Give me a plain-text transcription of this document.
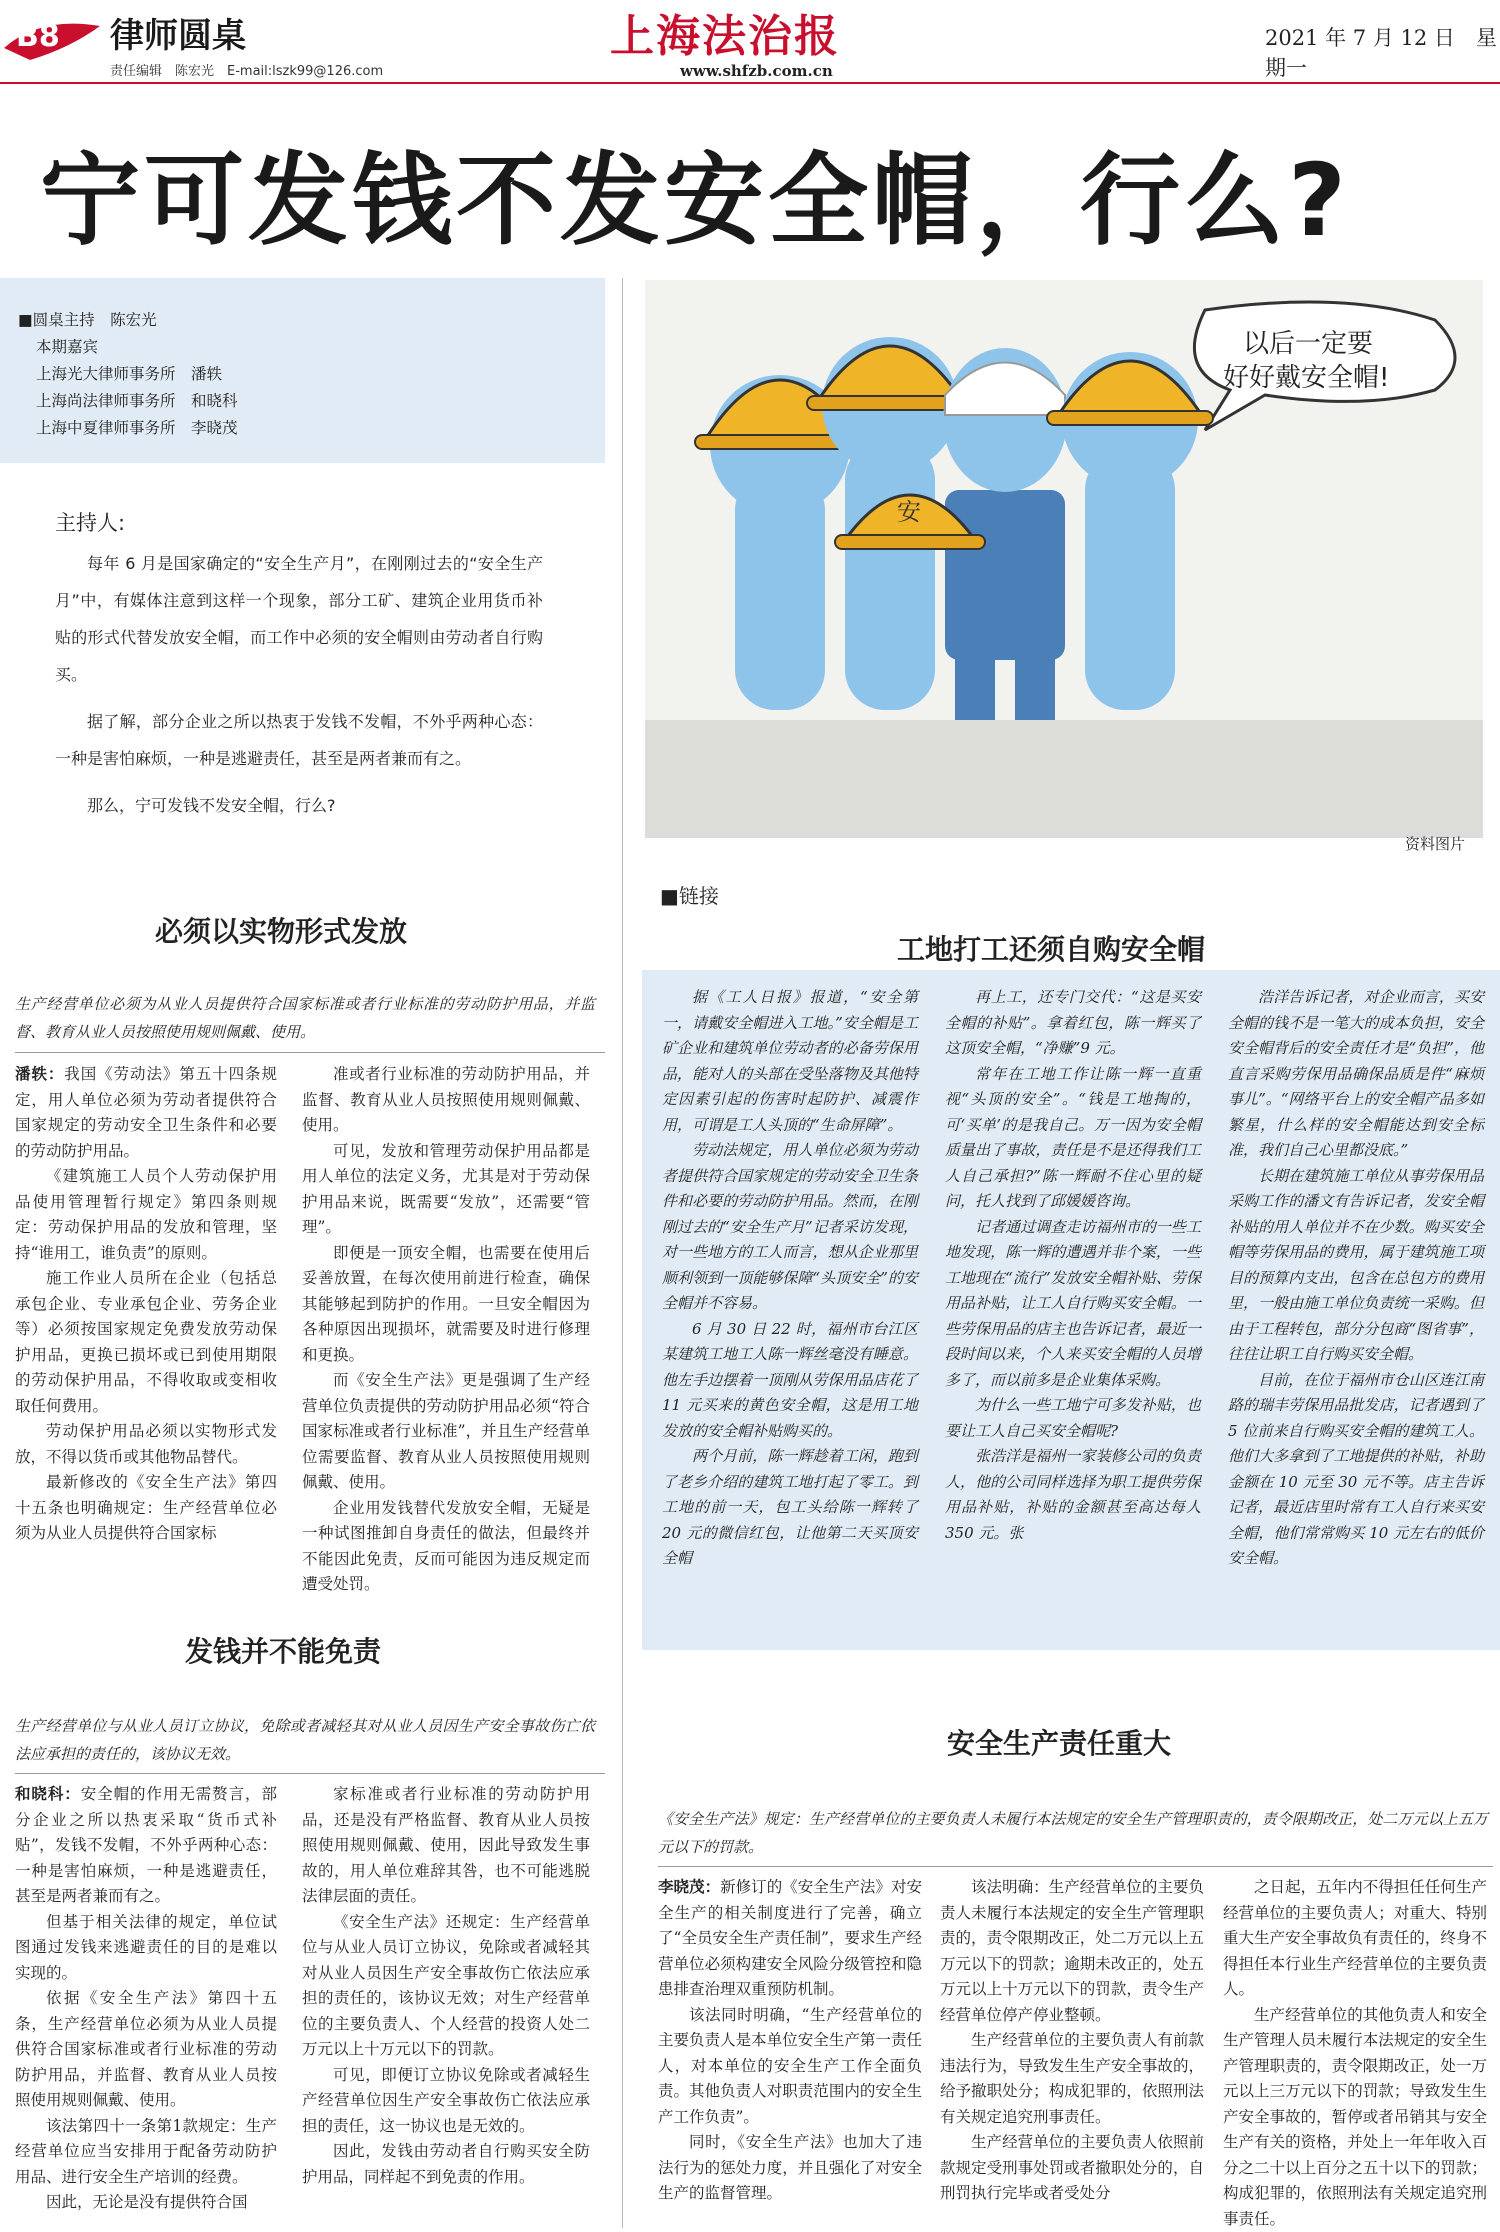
B8 律师圆桌
责任编辑　陈宏光　E-mail:lszk99@126.com
上海法治报
www.shfzb.com.cn
2021 年 7 月 12 日　星期一
宁可发钱不发安全帽，行么?
■圆桌主持　陈宏光
本期嘉宾
上海光大律师事务所　潘轶
上海尚法律师事务所　和晓科
上海中夏律师事务所　李晓茂
主持人:

每年 6 月是国家确定的“安全生产月”，在刚刚过去的“安全生产月”中，有媒体注意到这样一个现象，部分工矿、建筑企业用货币补贴的形式代替发放安全帽，而工作中必须的安全帽则由劳动者自行购买。

据了解，部分企业之所以热衷于发钱不发帽，不外乎两种心态：一种是害怕麻烦，一种是逃避责任，甚至是两者兼而有之。

那么，宁可发钱不发安全帽，行么?

以后一定要
好好戴安全帽!
安
资料图片
■链接
工地打工还须自购安全帽

据《工人日报》报道，“安全第一，请戴安全帽进入工地。”安全帽是工矿企业和建筑单位劳动者的必备劳保用品，能对人的头部在受坠落物及其他特定因素引起的伤害时起防护、减震作用，可谓是工人头顶的“生命屏障”。

劳动法规定，用人单位必须为劳动者提供符合国家规定的劳动安全卫生条件和必要的劳动防护用品。然而，在刚刚过去的“安全生产月”记者采访发现，对一些地方的工人而言，想从企业那里顺利领到一顶能够保障“头顶安全”的安全帽并不容易。

6 月 30 日 22 时，福州市台江区某建筑工地工人陈一辉丝毫没有睡意。他左手边摆着一顶刚从劳保用品店花了 11 元买来的黄色安全帽，这是用工地发放的安全帽补贴购买的。

两个月前，陈一辉趁着工闲，跑到了老乡介绍的建筑工地打起了零工。到工地的前一天，包工头给陈一辉转了 20 元的微信红包，让他第二天买顶安全帽

再上工，还专门交代：“这是买安全帽的补贴”。拿着红包，陈一辉买了这顶安全帽，“净赚”9 元。

常年在工地工作让陈一辉一直重视“头顶的安全”。“钱是工地掏的，可‘买单’的是我自己。万一因为安全帽质量出了事故，责任是不是还得我们工人自己承担?”陈一辉耐不住心里的疑问，托人找到了邱媛媛咨询。

记者通过调查走访福州市的一些工地发现，陈一辉的遭遇并非个案，一些工地现在“流行”发放安全帽补贴、劳保用品补贴，让工人自行购买安全帽。一些劳保用品的店主也告诉记者，最近一段时间以来，个人来买安全帽的人员增多了，而以前多是企业集体采购。

为什么一些工地宁可多发补贴，也要让工人自己买安全帽呢?

张浩洋是福州一家装修公司的负责人，他的公司同样选择为职工提供劳保用品补贴，补贴的金额甚至高达每人 350 元。张

浩洋告诉记者，对企业而言，买安全帽的钱不是一笔大的成本负担，安全安全帽背后的安全责任才是“负担”，他直言采购劳保用品确保品质是件“麻烦事儿”。“网络平台上的安全帽产品多如繁星，什么样的安全帽能达到安全标准，我们自己心里都没底。”

长期在建筑施工单位从事劳保用品采购工作的潘文有告诉记者，发安全帽补贴的用人单位并不在少数。购买安全帽等劳保用品的费用，属于建筑施工项目的预算内支出，包含在总包方的费用里，一般由施工单位负责统一采购。但由于工程转包，部分分包商“图省事”，往往让职工自行购买安全帽。

目前，在位于福州市仓山区连江南路的瑞丰劳保用品批发店，记者遇到了 5 位前来自行购买安全帽的建筑工人。他们大多拿到了工地提供的补贴，补助金额在 10 元至 30 元不等。店主告诉记者，最近店里时常有工人自行来买安全帽，他们常常购买 10 元左右的低价安全帽。

必须以实物形式发放
生产经营单位必须为从业人员提供符合国家标准或者行业标准的劳动防护用品，并监督、教育从业人员按照使用规则佩戴、使用。

潘轶：我国《劳动法》第五十四条规定，用人单位必须为劳动者提供符合国家规定的劳动安全卫生条件和必要的劳动防护用品。

《建筑施工人员个人劳动保护用品使用管理暂行规定》第四条则规定：劳动保护用品的发放和管理，坚持“谁用工，谁负责”的原则。

施工作业人员所在企业（包括总承包企业、专业承包企业、劳务企业等）必须按国家规定免费发放劳动保护用品，更换已损坏或已到使用期限的劳动保护用品，不得收取或变相收取任何费用。

劳动保护用品必须以实物形式发放，不得以货币或其他物品替代。

最新修改的《安全生产法》第四十五条也明确规定：生产经营单位必须为从业人员提供符合国家标

准或者行业标准的劳动防护用品，并监督、教育从业人员按照使用规则佩戴、使用。

可见，发放和管理劳动保护用品都是用人单位的法定义务，尤其是对于劳动保护用品来说，既需要“发放”，还需要“管理”。

即便是一顶安全帽，也需要在使用后妥善放置，在每次使用前进行检查，确保其能够起到防护的作用。一旦安全帽因为各种原因出现损坏，就需要及时进行修理和更换。

而《安全生产法》更是强调了生产经营单位负责提供的劳动防护用品必须“符合国家标准或者行业标准”，并且生产经营单位需要监督、教育从业人员按照使用规则佩戴、使用。

企业用发钱替代发放安全帽，无疑是一种试图推卸自身责任的做法，但最终并不能因此免责，反而可能因为违反规定而遭受处罚。

发钱并不能免责
生产经营单位与从业人员订立协议，免除或者减轻其对从业人员因生产安全事故伤亡依法应承担的责任的，该协议无效。

和晓科：安全帽的作用无需赘言，部分企业之所以热衷采取“货币式补贴”，发钱不发帽，不外乎两种心态：一种是害怕麻烦，一种是逃避责任，甚至是两者兼而有之。

但基于相关法律的规定，单位试图通过发钱来逃避责任的目的是难以实现的。

依据《安全生产法》第四十五条，生产经营单位必须为从业人员提供符合国家标准或者行业标准的劳动防护用品，并监督、教育从业人员按照使用规则佩戴、使用。

该法第四十一条第1款规定：生产经营单位应当安排用于配备劳动防护用品、进行安全生产培训的经费。

因此，无论是没有提供符合国

家标准或者行业标准的劳动防护用品，还是没有严格监督、教育从业人员按照使用规则佩戴、使用，因此导致发生事故的，用人单位难辞其咎，也不可能逃脱法律层面的责任。

《安全生产法》还规定：生产经营单位与从业人员订立协议，免除或者减轻其对从业人员因生产安全事故伤亡依法应承担的责任的，该协议无效；对生产经营单位的主要负责人、个人经营的投资人处二万元以上十万元以下的罚款。

可见，即便订立协议免除或者减轻生产经营单位因生产安全事故伤亡依法应承担的责任，这一协议也是无效的。

因此，发钱由劳动者自行购买安全防护用品，同样起不到免责的作用。

安全生产责任重大
《安全生产法》规定：生产经营单位的主要负责人未履行本法规定的安全生产管理职责的，责令限期改正，处二万元以上五万元以下的罚款。

李晓茂：新修订的《安全生产法》对安全生产的相关制度进行了完善，确立了“全员安全生产责任制”，要求生产经营单位必须构建安全风险分级管控和隐患排查治理双重预防机制。

该法同时明确，“生产经营单位的主要负责人是本单位安全生产第一责任人，对本单位的安全生产工作全面负责。其他负责人对职责范围内的安全生产工作负责”。

同时，《安全生产法》也加大了违法行为的惩处力度，并且强化了对安全生产的监督管理。

该法明确：生产经营单位的主要负责人未履行本法规定的安全生产管理职责的，责令限期改正，处二万元以上五万元以下的罚款；逾期未改正的，处五万元以上十万元以下的罚款，责令生产经营单位停产停业整顿。

生产经营单位的主要负责人有前款违法行为，导致发生生产安全事故的，给予撤职处分；构成犯罪的，依照刑法有关规定追究刑事责任。

生产经营单位的主要负责人依照前款规定受刑事处罚或者撤职处分的，自刑罚执行完毕或者受处分

之日起，五年内不得担任任何生产经营单位的主要负责人；对重大、特别重大生产安全事故负有责任的，终身不得担任本行业生产经营单位的主要负责人。

生产经营单位的其他负责人和安全生产管理人员未履行本法规定的安全生产管理职责的，责令限期改正，处一万元以上三万元以下的罚款；导致发生生产安全事故的，暂停或者吊销其与安全生产有关的资格，并处上一年年收入百分之二十以上百分之五十以下的罚款；构成犯罪的，依照刑法有关规定追究刑事责任。
